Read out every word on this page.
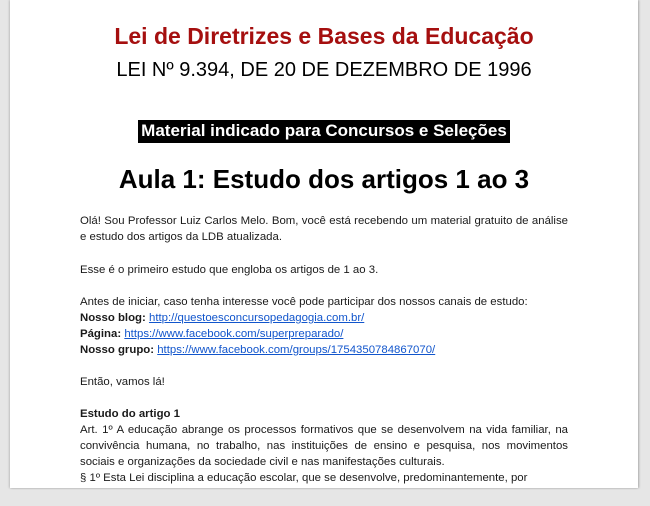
Lei de Diretrizes e Bases da Educação
LEI Nº 9.394, DE 20 DE DEZEMBRO DE 1996
Material indicado para Concursos e Seleções
Aula 1: Estudo dos artigos 1 ao 3

Olá! Sou Professor Luiz Carlos Melo. Bom, você está recebendo um material gratuito de análise e estudo dos artigos da LDB atualizada.

Esse é o primeiro estudo que engloba os artigos de 1 ao 3.

Antes de iniciar, caso tenha interesse você pode participar dos nossos canais de estudo:

Nosso blog: http://questoesconcursopedagogia.com.br/

Página: https://www.facebook.com/superpreparado/

Nosso grupo: https://www.facebook.com/groups/1754350784867070/

Então, vamos lá!

Estudo do artigo 1

Art. 1º A educação abrange os processos formativos que se desenvolvem na vida familiar, na convivência humana, no trabalho, nas instituições de ensino e pesquisa, nos movimentos sociais e organizações da sociedade civil e nas manifestações culturais.

§ 1º Esta Lei disciplina a educação escolar, que se desenvolve, predominantemente, por
